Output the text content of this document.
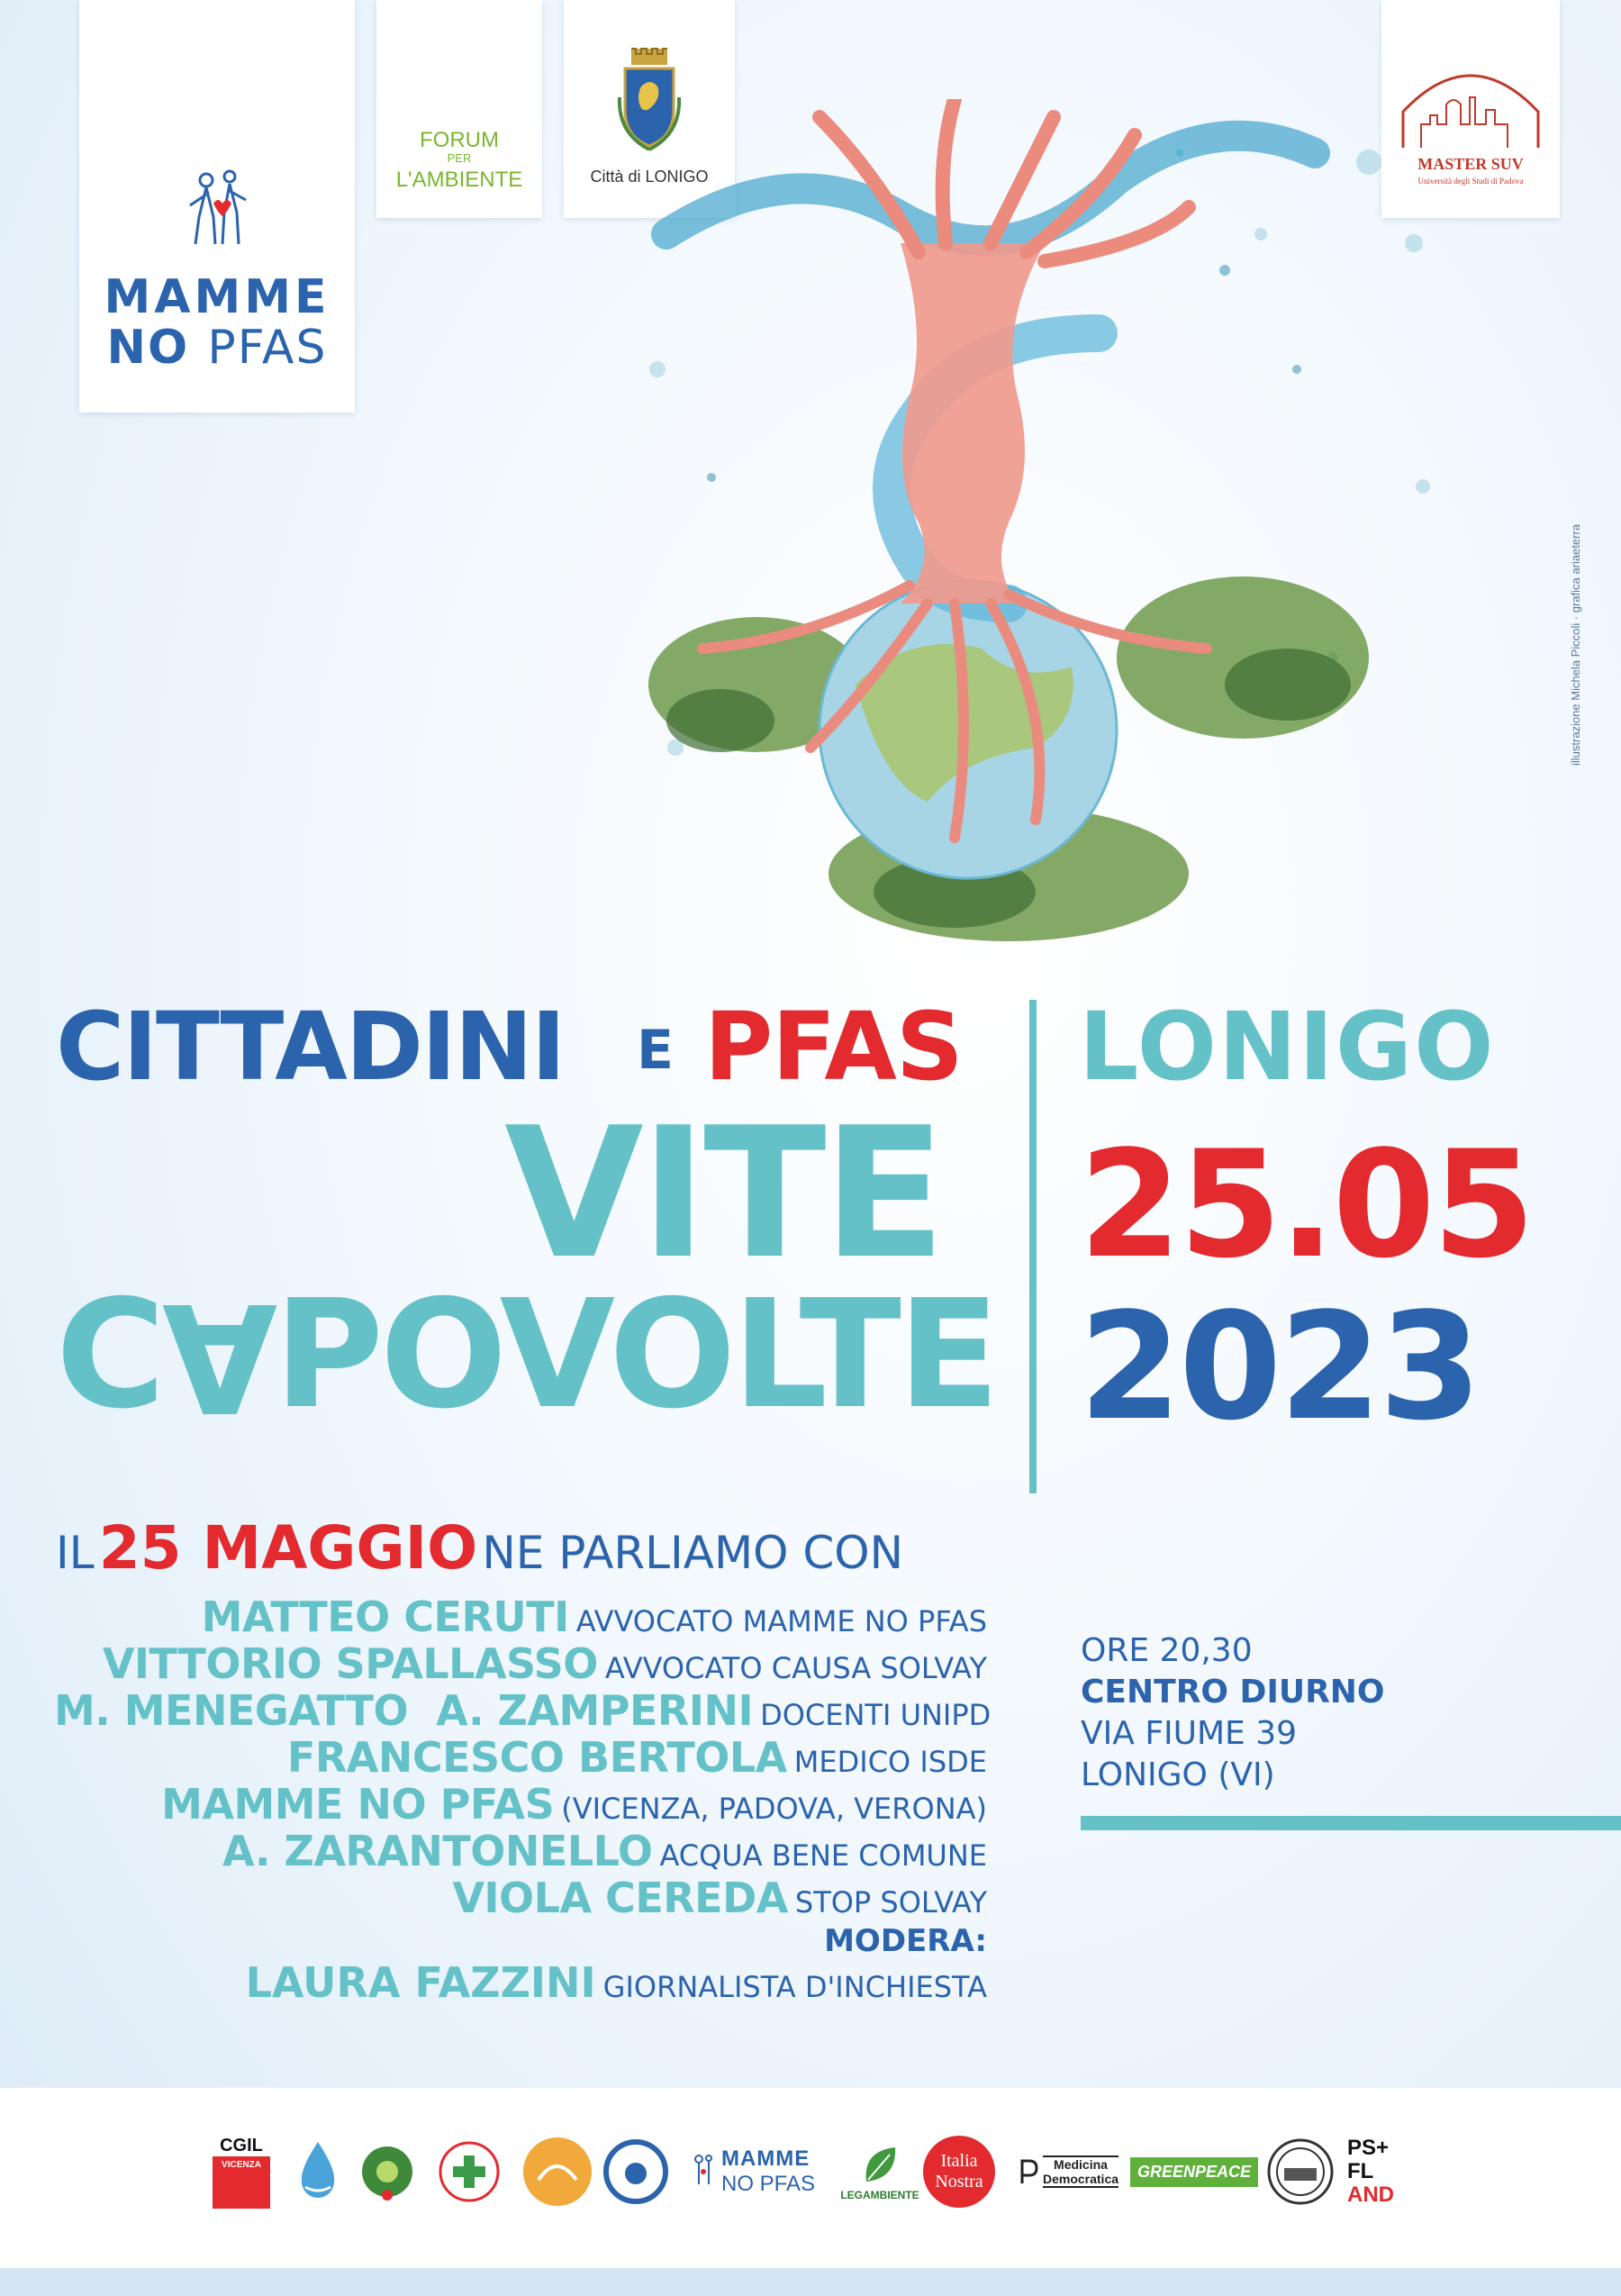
MAMME
NO PFAS
FORUM
PER
L'AMBIENTE	Città di LONIGO
MASTER SUV
Università degli Studi di Padova
illustrazione Michela Piccoli · grafica ariaeterra
CITTADINI E PFAS
VITE
CAPOVOLTE
LONIGO
25.05
2023
IL 25 MAGGIO NE PARLIAMO CON
MATTEO CERUTI AVVOCATO MAMME NO PFAS
VITTORIO SPALLASSO AVVOCATO CAUSA SOLVAY
M. MENEGATTO  A. ZAMPERINI DOCENTI UNIPD
FRANCESCO BERTOLA MEDICO ISDE
MAMME NO PFAS (VICENZA, PADOVA, VERONA)
A. ZARANTONELLO ACQUA BENE COMUNE
VIOLA CEREDA STOP SOLVAY
MODERA:
LAURA FAZZINI GIORNALISTA D'INCHIESTA
ORE 20,30
CENTRO DIURNO
VIA FIUME 39
LONIGO (VI)
CGIL
VICENZA	MAMME
NO PFAS LEGAMBIENTE
Italia
Nostra
Medicina
Democratica	GREENPEACE
PS+
FL
AND
